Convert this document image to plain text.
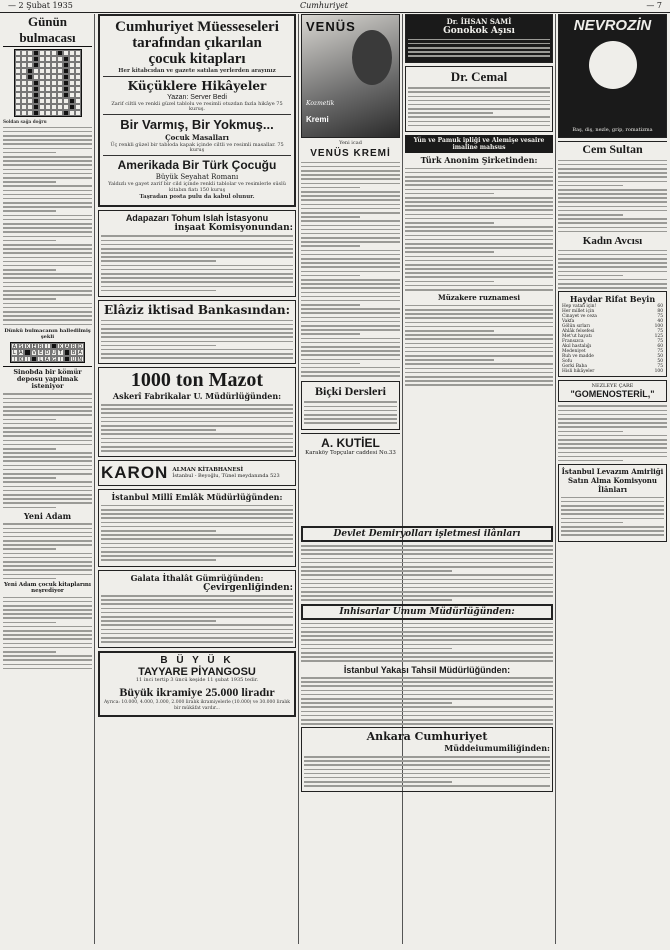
— 2 Şubat 1935	Cumhuriyet	— 7
Günün bulmacası

Soldan sağa doğru

Dünkü bulmacanın halledilmiş şekli
A S K E R I	K A R D
L A	V E D U T	B A
I K I	L A G I	U N
Sinobda bir kömür deposu yapılmak isteniyor
Yeni Adam
Yeni Adam çocuk kitaplarını neşrediyor
Cumhuriyet Müesseseleri
tarafından çıkarılan
çocuk kitapları

Her kitabcıdan ve gazete satılan yerlerden arayınız

Küçüklere Hikâyeler

Yazan: Server Bedi

Zarif ciltli ve renkli güzel tablolu ve resimli otuzdan fazla hikâye 75 kuruş.

Bir Varmış, Bir Yokmuş...

Çocuk Masalları

Üç renkli güzel bir tabloda kapak içinde ciltli ve resimli masallar. 75 kuruş

Amerikada Bir Türk Çocuğu

Büyük Seyahat Romanı

Yaldızlı ve gayet zarif bir cild içinde renkli tablolar ve resimlerle süslü kitabın fiatı 150 kuruş

Taşradan posta pulu da kabul olunur.

Adapazarı Tohum Islah İstasyonu
inşaat Komisyonundan:
Elâziz iktisad Bankasından:
1000 ton Mazot
Askerî Fabrikalar U. Müdürlüğünden:
KARON ALMAN KİTABHANESİ
İstanbul - Beyoğlu, Tünel meydanında 523
İstanbul Millî Emlâk Müdürlüğünden:
Galata İthalât Gümrüğünden:
Çevirgenliğinden:
B Ü Y Ü K
TAYYARE PİYANGOSU

11 inci tertip 3 üncü keşide 11 şubat 1935 tedir.

Büyük ikramiye 25.000 liradır

Ayrıca: 10.000, 4.000, 3.000, 2.000 liralık ikramiyelerle (10.000) ve 30.000 liralık bir mükâfat vardır...

VENÜS
Kozmetik
Kremi

Yeni icad

VENÜS KREMİ
Biçki Dersleri
A. KUTİEL

Karaköy Topçular caddesi No.33

Devlet Demiryolları işletmesi ilânları
Inhisarlar Umum Müdürlüğünden:
İstanbul Yakası Tahsil Müdürlüğünden:
Ankara Cumhuriyet
Müddeiumumiliğinden:
Dr. İHSAN SAMİ
Gonokok Aşısı
Dr. Cemal
Yün ve Pamuk ipliği ve Alemişe vesaire imaline mahsus
Türk Anonim Şirketinden:
Müzakere ruznamesi
NEVROZİN

Baş, diş, nezle, grip, romatizma

Cem Sultan
Kadın Avcısı
Haydar Rifat Beyin
Hep vatan için!	60
Her millet için	80
Cinayet ve ceza	75
Vakfa	40
Gölün sırları	100
Ahlâk felsefesi	75
Met'ut hayatı	125
Fransızca	75
Akıl hastalığı	60
Medeniyet	75
Ruh ve madde	50
Sofu	50
Gorki Baba	75
Hisli hikâyeler	100

NEZLEYE ÇARE

"GOMENOSTERİL,"
İstanbul Levazım Amirliği Satın Alma Komisyonu İlânları
